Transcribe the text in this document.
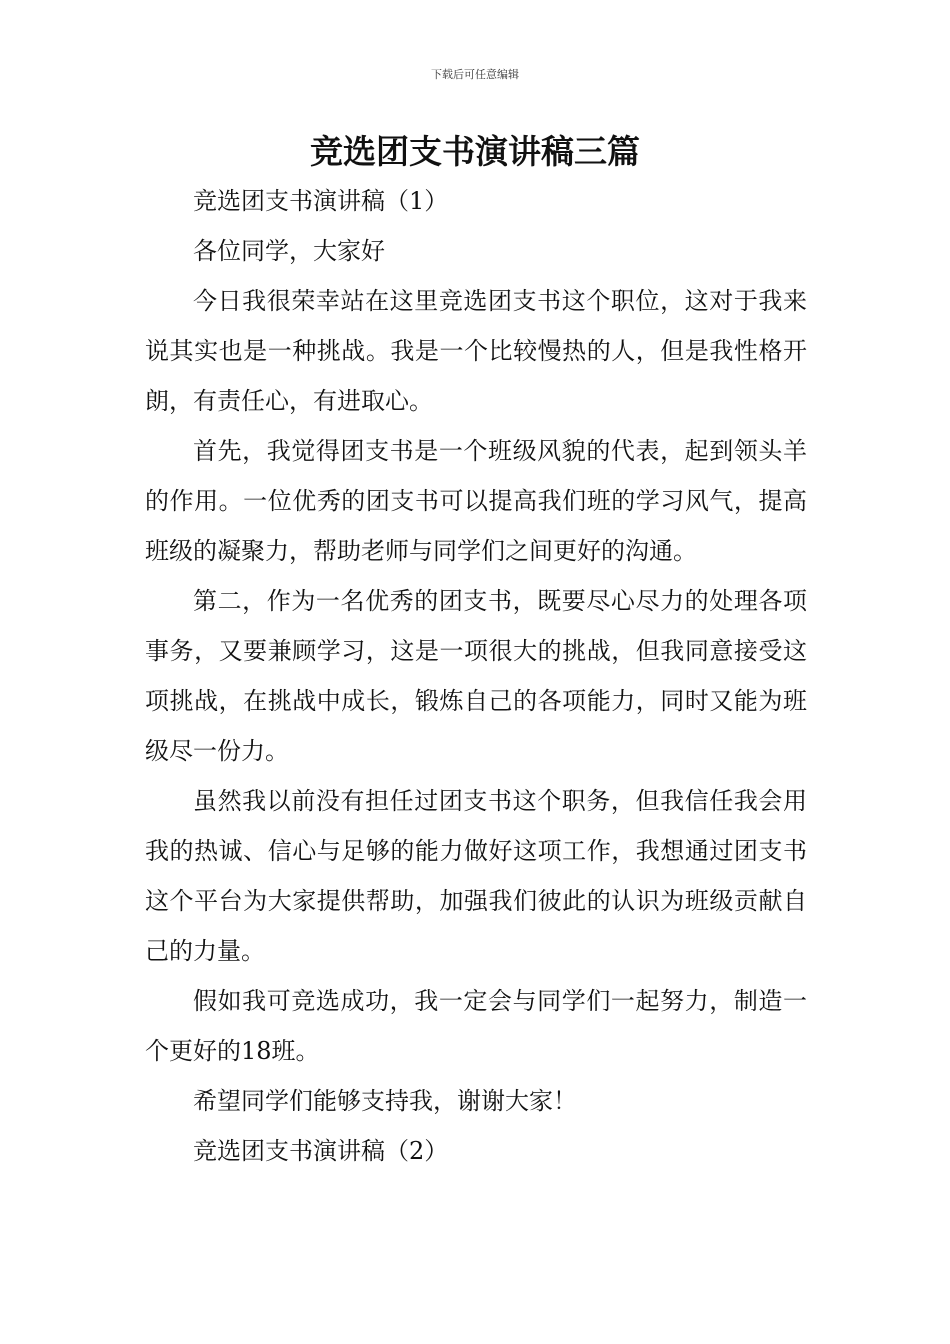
下载后可任意编辑
竞选团支书演讲稿三篇

竞选团支书演讲稿（1）

各位同学，大家好

今日我很荣幸站在这里竞选团支书这个职位，这对于我来说其实也是一种挑战。我是一个比较慢热的人，但是我性格开朗，有责任心，有进取心。

首先，我觉得团支书是一个班级风貌的代表，起到领头羊的作用。一位优秀的团支书可以提高我们班的学习风气，提高班级的凝聚力，帮助老师与同学们之间更好的沟通。

第二，作为一名优秀的团支书，既要尽心尽力的处理各项事务，又要兼顾学习，这是一项很大的挑战，但我同意接受这项挑战，在挑战中成长，锻炼自己的各项能力，同时又能为班级尽一份力。

虽然我以前没有担任过团支书这个职务，但我信任我会用我的热诚、信心与足够的能力做好这项工作，我想通过团支书这个平台为大家提供帮助，加强我们彼此的认识为班级贡献自己的力量。

假如我可竞选成功，我一定会与同学们一起努力，制造一个更好的18班。

希望同学们能够支持我，谢谢大家！

竞选团支书演讲稿（2）
